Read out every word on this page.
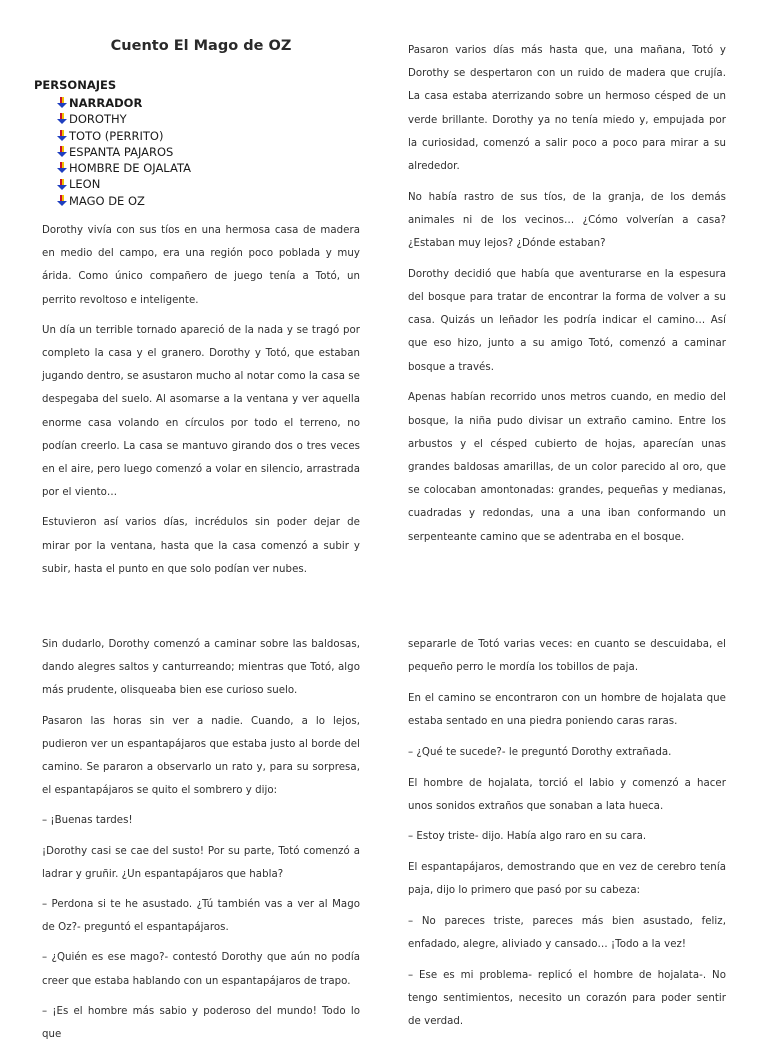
Cuento El Mago de OZ
PERSONAJES
NARRADOR
DOROTHY
TOTO (PERRITO)
ESPANTA PAJAROS
HOMBRE DE OJALATA
LEON
MAGO DE OZ

Dorothy vivía con sus tíos en una hermosa casa de madera en medio del campo, era una región poco poblada y muy árida. Como único compañero de juego tenía a Totó, un perrito revoltoso e inteligente.

Un día un terrible tornado apareció de la nada y se tragó por completo la casa y el granero. Dorothy y Totó, que estaban jugando dentro, se asustaron mucho al notar como la casa se despegaba del suelo. Al asomarse a la ventana y ver aquella enorme casa volando en círculos por todo el terreno, no podían creerlo. La casa se mantuvo girando dos o tres veces en el aire, pero luego comenzó a volar en silencio, arrastrada por el viento…

Estuvieron así varios días, incrédulos sin poder dejar de mirar por la ventana, hasta que la casa comenzó a subir y subir, hasta el punto en que solo podían ver nubes.

Pasaron varios días más hasta que, una mañana, Totó y Dorothy se despertaron con un ruido de madera que crujía. La casa estaba aterrizando sobre un hermoso césped de un verde brillante. Dorothy ya no tenía miedo y, empujada por la curiosidad, comenzó a salir poco a poco para mirar a su alrededor.

No había rastro de sus tíos, de la granja, de los demás animales ni de los vecinos… ¿Cómo volverían a casa? ¿Estaban muy lejos? ¿Dónde estaban?

Dorothy decidió que había que aventurarse en la espesura del bosque para tratar de encontrar la forma de volver a su casa. Quizás un leñador les podría indicar el camino… Así que eso hizo, junto a su amigo Totó, comenzó a caminar bosque a través.

Apenas habían recorrido unos metros cuando, en medio del bosque, la niña pudo divisar un extraño camino. Entre los arbustos y el césped cubierto de hojas, aparecían unas grandes baldosas amarillas, de un color parecido al oro, que se colocaban amontonadas: grandes, pequeñas y medianas, cuadradas y redondas, una a una iban conformando un serpenteante camino que se adentraba en el bosque.

Sin dudarlo, Dorothy comenzó a caminar sobre las baldosas, dando alegres saltos y canturreando; mientras que Totó, algo más prudente, olisqueaba bien ese curioso suelo.

Pasaron las horas sin ver a nadie. Cuando, a lo lejos, pudieron ver un espantapájaros que estaba justo al borde del camino. Se pararon a observarlo un rato y, para su sorpresa, el espantapájaros se quito el sombrero y dijo:

– ¡Buenas tardes!

¡Dorothy casi se cae del susto! Por su parte, Totó comenzó a ladrar y gruñir. ¿Un espantapájaros que habla?

– Perdona si te he asustado. ¿Tú también vas a ver al Mago de Oz?- preguntó el espantapájaros.

– ¿Quién es ese mago?- contestó Dorothy que aún no podía creer que estaba hablando con un espantapájaros de trapo.

– ¡Es el hombre más sabio y poderoso del mundo! Todo lo que

separarle de Totó varias veces: en cuanto se descuidaba, el pequeño perro le mordía los tobillos de paja.

En el camino se encontraron con un hombre de hojalata que estaba sentado en una piedra poniendo caras raras.

– ¿Qué te sucede?- le preguntó Dorothy extrañada.

El hombre de hojalata, torció el labio y comenzó a hacer unos sonidos extraños que sonaban a lata hueca.

– Estoy triste- dijo. Había algo raro en su cara.

El espantapájaros, demostrando que en vez de cerebro tenía paja, dijo lo primero que pasó por su cabeza:

– No pareces triste, pareces más bien asustado, feliz, enfadado, alegre, aliviado y cansado… ¡Todo a la vez!

– Ese es mi problema- replicó el hombre de hojalata-. No tengo sentimientos, necesito un corazón para poder sentir de verdad.
